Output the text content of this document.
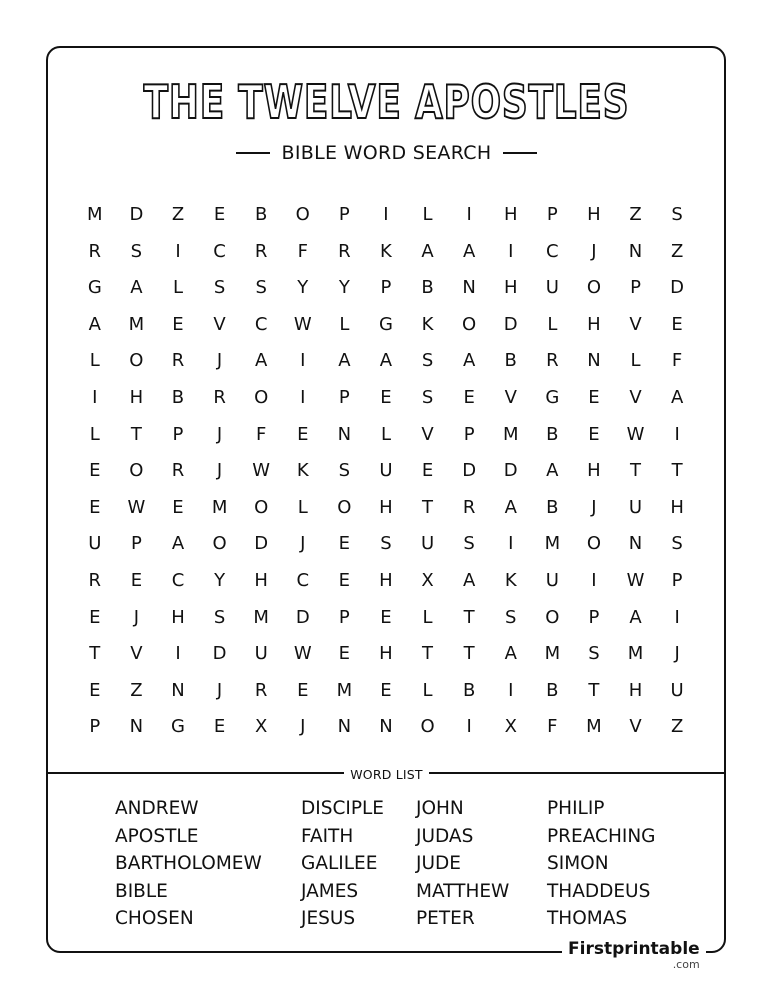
THE TWELVE APOSTLES
BIBLE WORD SEARCH
M	D	Z	E	B	O	P	I	L	I	H	P	H	Z	S
R	S	I	C	R	F	R	K	A	A	I	C	J	N	Z
G	A	L	S	S	Y	Y	P	B	N	H	U	O	P	D
A	M	E	V	C	W	L	G	K	O	D	L	H	V	E
L	O	R	J	A	I	A	A	S	A	B	R	N	L	F
I	H	B	R	O	I	P	E	S	E	V	G	E	V	A
L	T	P	J	F	E	N	L	V	P	M	B	E	W	I
E	O	R	J	W	K	S	U	E	D	D	A	H	T	T
E	W	E	M	O	L	O	H	T	R	A	B	J	U	H
U	P	A	O	D	J	E	S	U	S	I	M	O	N	S
R	E	C	Y	H	C	E	H	X	A	K	U	I	W	P
E	J	H	S	M	D	P	E	L	T	S	O	P	A	I
T	V	I	D	U	W	E	H	T	T	A	M	S	M	J
E	Z	N	J	R	E	M	E	L	B	I	B	T	H	U
P	N	G	E	X	J	N	N	O	I	X	F	M	V	Z
WORD LIST
ANDREW
APOSTLE
BARTHOLOMEW
BIBLE
CHOSEN
DISCIPLE
FAITH
GALILEE
JAMES
JESUS
JOHN
JUDAS
JUDE
MATTHEW
PETER
PHILIP
PREACHING
SIMON
THADDEUS
THOMAS
Firstprintable
.com
